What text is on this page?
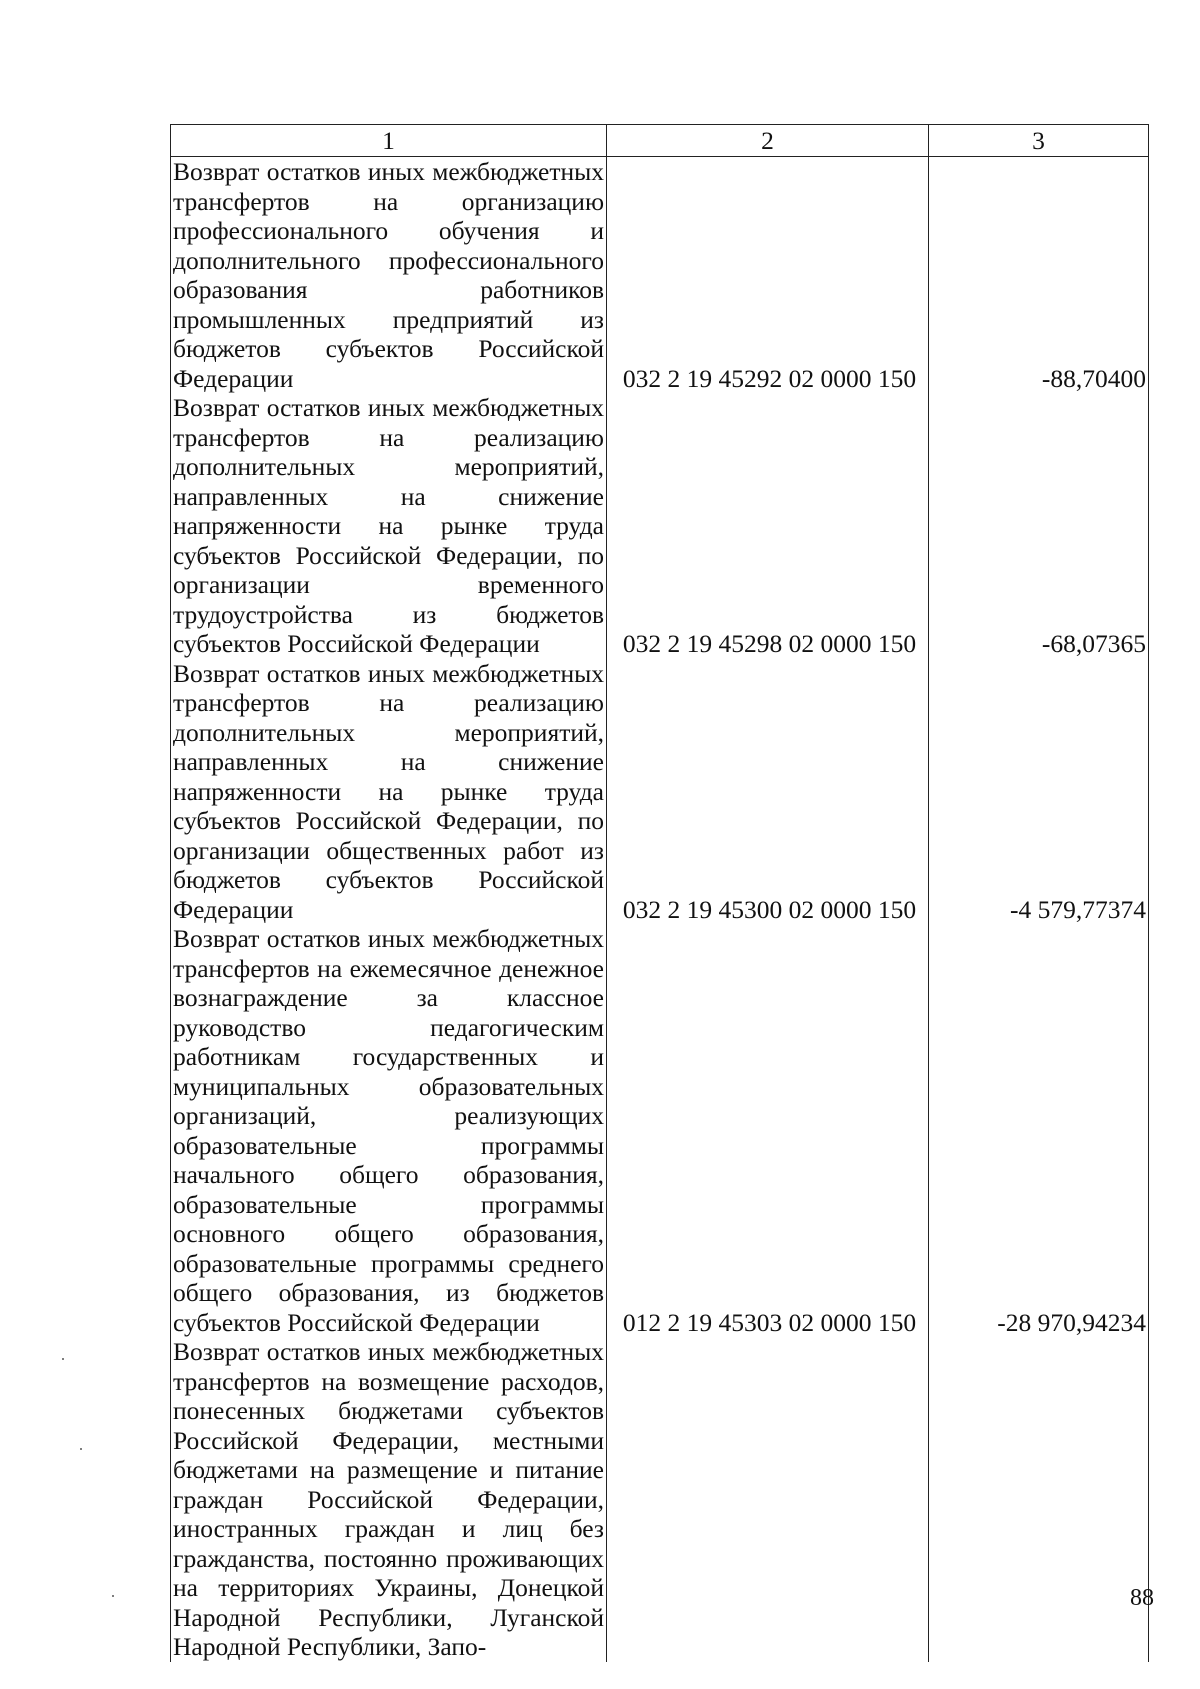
1	2	3
Возврат остатков иных межбюджетных трансфертов на организацию профессионального обучения и дополнительного профессионального образования работников промышленных предприятий из бюджетов субъектов Российской Федерации	032 2 19 45292 02 0000 150	-88,70400
Возврат остатков иных межбюджетных трансфертов на реализацию дополнительных мероприятий, направленных на снижение напряженности на рынке труда субъектов Российской Федерации, по организации временного трудоустройства из бюджетов субъектов Российской Федерации	032 2 19 45298 02 0000 150	-68,07365
Возврат остатков иных межбюджетных трансфертов на реализацию дополнительных мероприятий, направленных на снижение напряженности на рынке труда субъектов Российской Федерации, по организации общественных работ из бюджетов субъектов Российской Федерации	032 2 19 45300 02 0000 150	-4 579,77374
Возврат остатков иных межбюджетных трансфертов на ежемесячное денежное вознаграждение за классное руководство педагогическим работникам государственных и муниципальных образовательных организаций, реализующих образовательные программы начального общего образования, образовательные программы основного общего образования, образовательные программы среднего общего образования, из бюджетов субъектов Российской Федерации	012 2 19 45303 02 0000 150	-28 970,94234
Возврат остатков иных межбюджетных трансфертов на возмещение расходов, понесенных бюджетами субъектов Российской Федерации, местными бюджетами на размещение и питание граждан Российской Федерации, иностранных граждан и лиц без гражданства, постоянно проживающих на территориях Украины, Донецкой Народной Республики, Луганской Народной Республики, Запо-		
88
